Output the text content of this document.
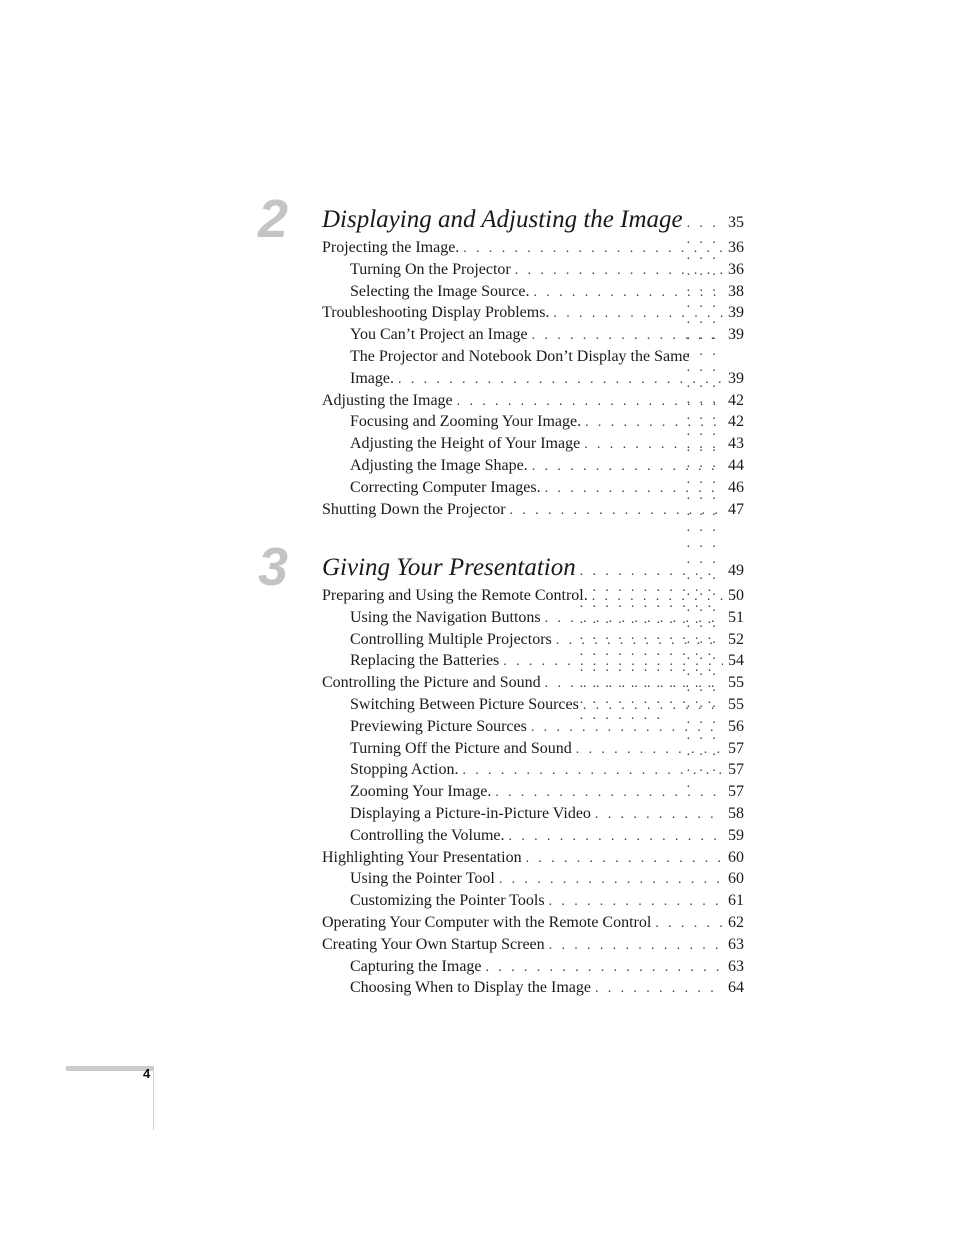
2 Displaying and Adjusting the Image . . .	35
Projecting the Image. . . .	36
Turning On the Projector . . .	36
Selecting the Image Source. . . .	38
Troubleshooting Display Problems. . . .	39
You Can’t Project an Image . . .	39
The Projector and Notebook Don’t Display the Same
Image. . . .	39
Adjusting the Image . . .	42
Focusing and Zooming Your Image. . . .	42
Adjusting the Height of Your Image . . .	43
Adjusting the Image Shape. . . .	44
Correcting Computer Images. . . .	46
Shutting Down the Projector . . .	47
3 Giving Your Presentation . . .	49
Preparing and Using the Remote Control. . . .	50
Using the Navigation Buttons . . .	51
Controlling Multiple Projectors . . .	52
Replacing the Batteries . . .	54
Controlling the Picture and Sound . . .	55
Switching Between Picture Sources . . .	55
Previewing Picture Sources . . .	56
Turning Off the Picture and Sound . . .	57
Stopping Action. . . .	57
Zooming Your Image. . . .	57
Displaying a Picture-in-Picture Video . . .	58
Controlling the Volume. . . .	59
Highlighting Your Presentation . . .	60
Using the Pointer Tool . . .	60
Customizing the Pointer Tools . . .	61
Operating Your Computer with the Remote Control . . .	62
Creating Your Own Startup Screen . . .	63
Capturing the Image . . .	63
Choosing When to Display the Image . . .	64
4
